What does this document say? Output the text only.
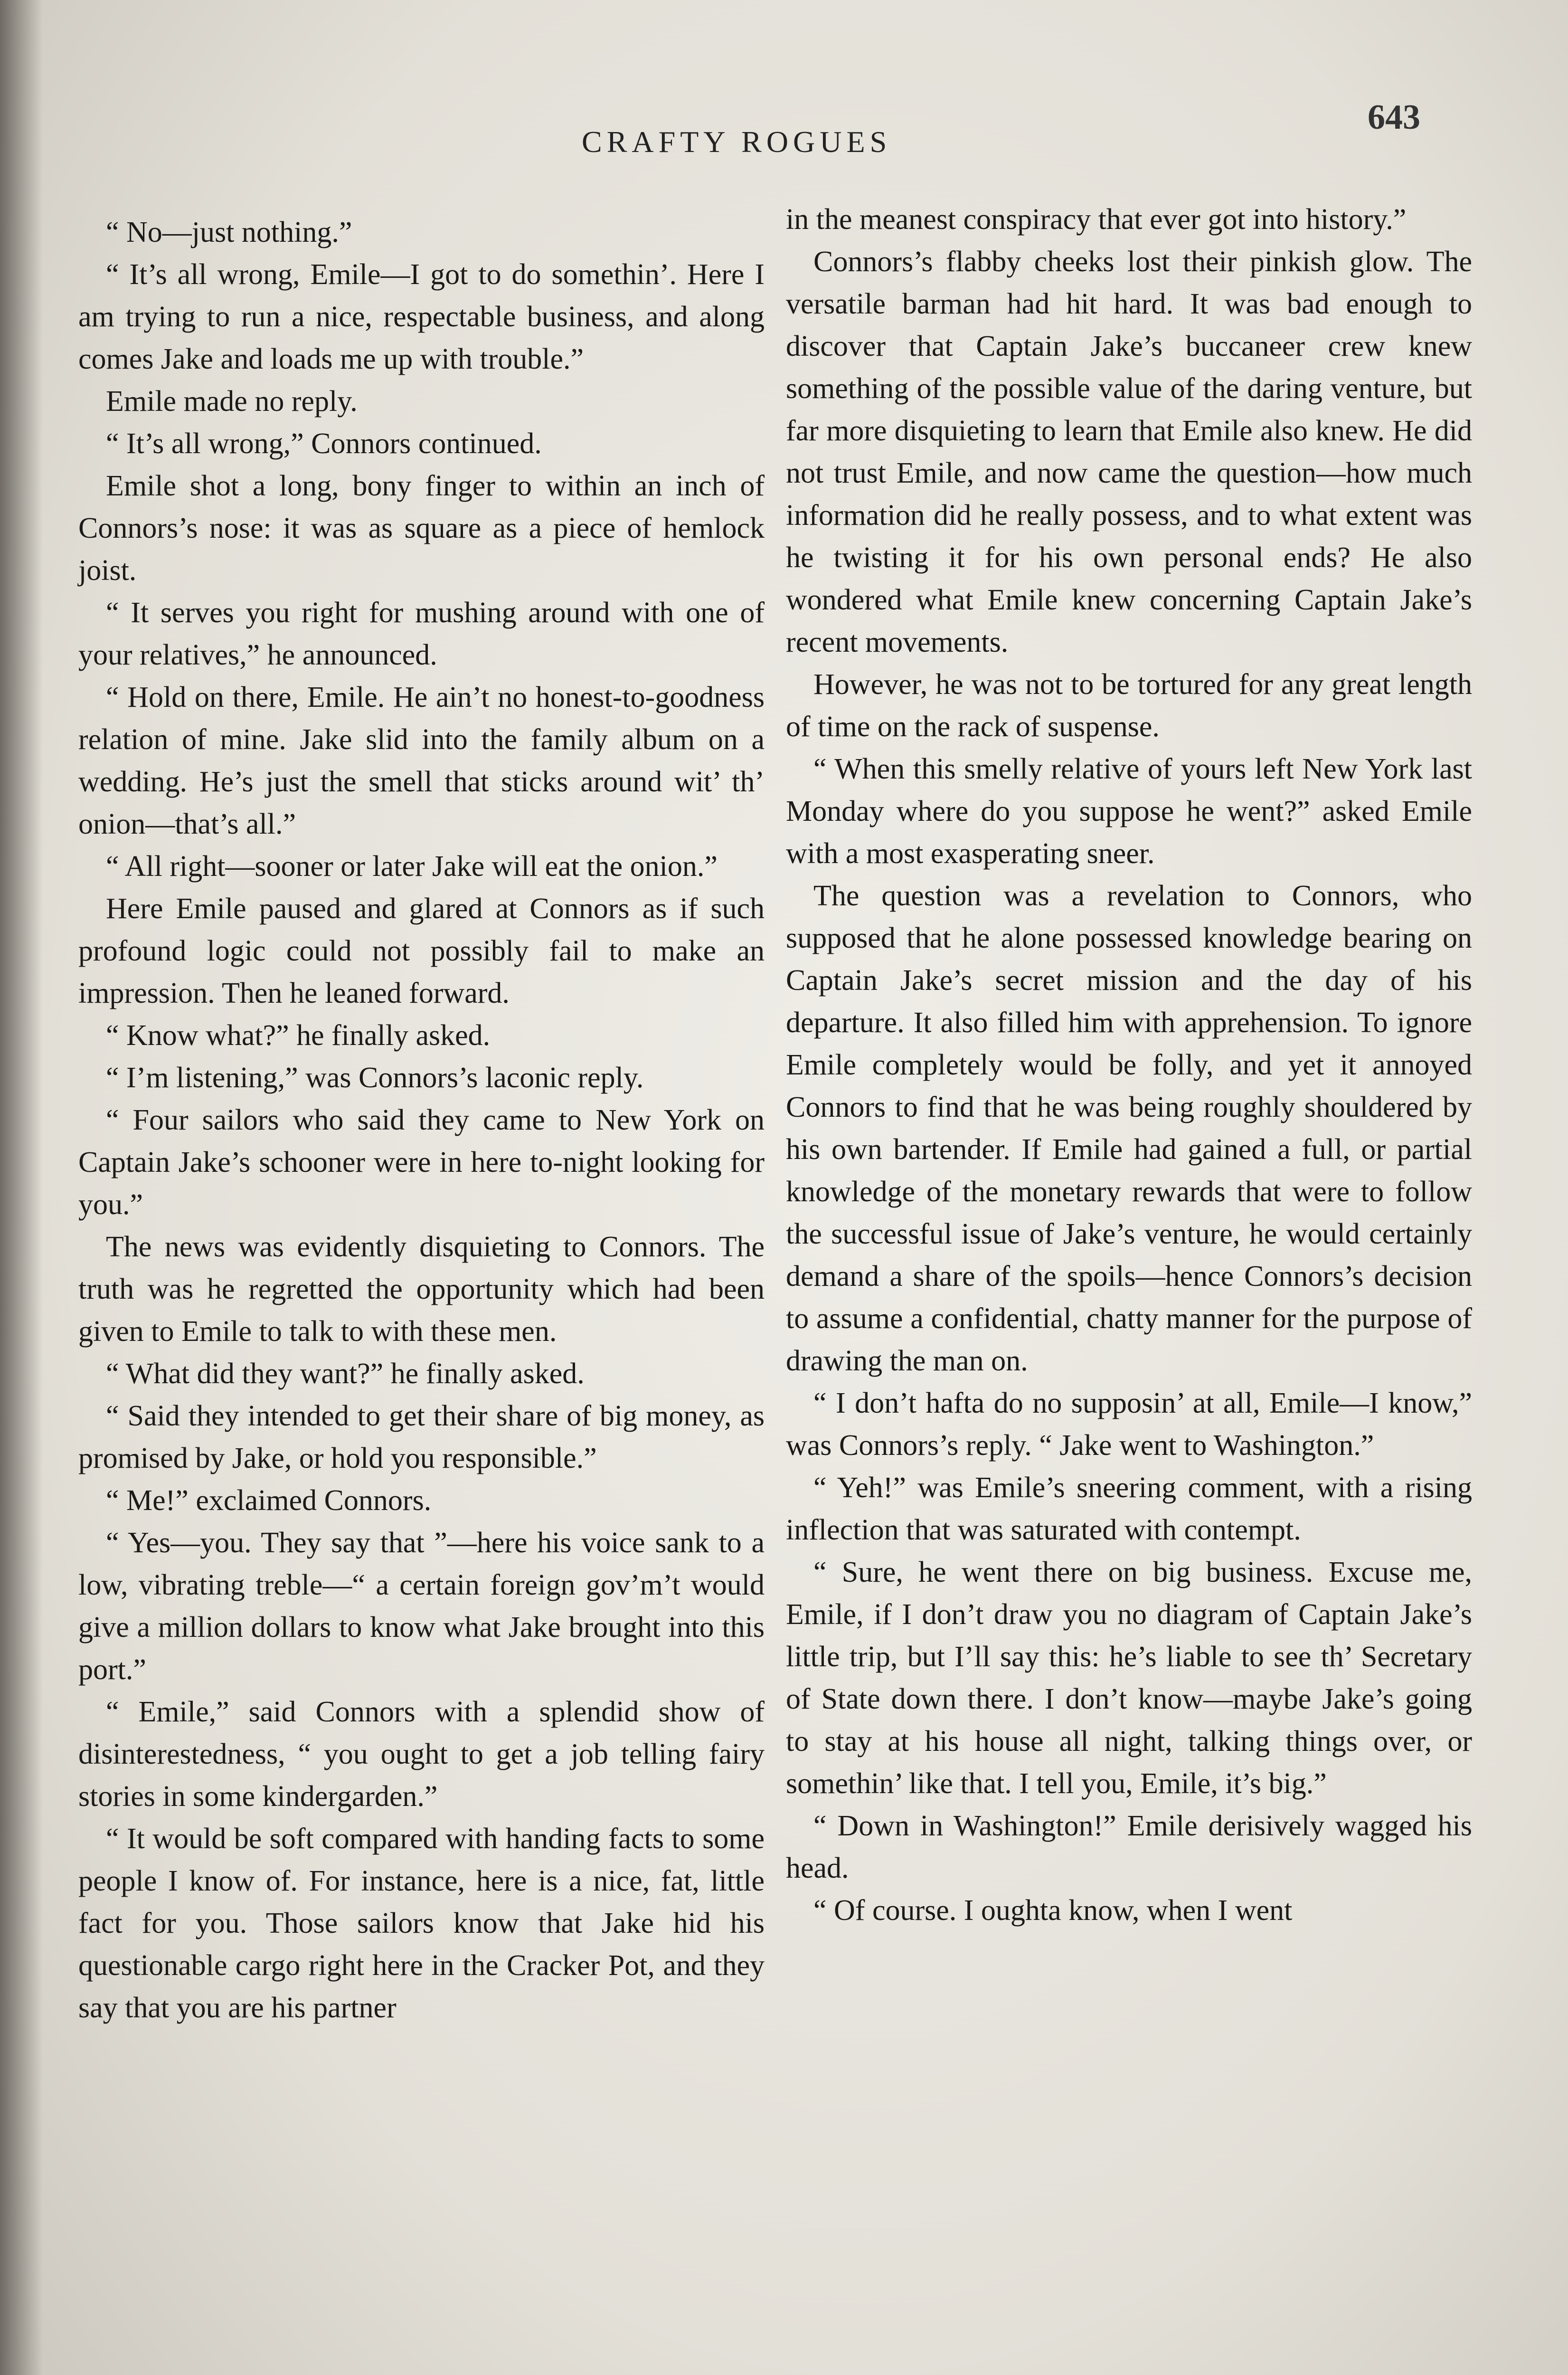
CRAFTY ROGUES
643

“ No—just nothing.”

“ It’s all wrong, Emile—I got to do somethin’. Here I am trying to run a nice, respectable business, and along comes Jake and loads me up with trouble.”

Emile made no reply.

“ It’s all wrong,” Connors continued.

Emile shot a long, bony finger to within an inch of Connors’s nose: it was as square as a piece of hemlock joist.

“ It serves you right for mushing around with one of your relatives,” he announced.

“ Hold on there, Emile. He ain’t no honest-to-goodness relation of mine. Jake slid into the family album on a wedding. He’s just the smell that sticks around wit’ th’ onion—that’s all.”

“ All right—sooner or later Jake will eat the onion.”

Here Emile paused and glared at Connors as if such profound logic could not possibly fail to make an impression. Then he leaned forward.

“ Know what?” he finally asked.

“ I’m listening,” was Connors’s laconic reply.

“ Four sailors who said they came to New York on Captain Jake’s schooner were in here to-night looking for you.”

The news was evidently disquieting to Connors. The truth was he regretted the opportunity which had been given to Emile to talk to with these men.

“ What did they want?” he finally asked.

“ Said they intended to get their share of big money, as promised by Jake, or hold you responsible.”

“ Me!” exclaimed Connors.

“ Yes—you. They say that ”—here his voice sank to a low, vibrating treble—“ a certain foreign gov’m’t would give a million dollars to know what Jake brought into this port.”

“ Emile,” said Connors with a splendid show of disinterestedness, “ you ought to get a job telling fairy stories in some kindergarden.”

“ It would be soft compared with handing facts to some people I know of. For instance, here is a nice, fat, little fact for you. Those sailors know that Jake hid his questionable cargo right here in the Cracker Pot, and they say that you are his partner

in the meanest conspiracy that ever got into history.”

Connors’s flabby cheeks lost their pinkish glow. The versatile barman had hit hard. It was bad enough to discover that Captain Jake’s buccaneer crew knew something of the possible value of the daring venture, but far more disquieting to learn that Emile also knew. He did not trust Emile, and now came the question—how much information did he really possess, and to what extent was he twisting it for his own personal ends? He also wondered what Emile knew concerning Captain Jake’s recent movements.

However, he was not to be tortured for any great length of time on the rack of suspense.

“ When this smelly relative of yours left New York last Monday where do you suppose he went?” asked Emile with a most exasperating sneer.

The question was a revelation to Connors, who supposed that he alone possessed knowledge bearing on Captain Jake’s secret mission and the day of his departure. It also filled him with apprehension. To ignore Emile completely would be folly, and yet it annoyed Connors to find that he was being roughly shouldered by his own bartender. If Emile had gained a full, or partial knowledge of the monetary rewards that were to follow the successful issue of Jake’s venture, he would certainly demand a share of the spoils—hence Connors’s decision to assume a confidential, chatty manner for the purpose of drawing the man on.

“ I don’t hafta do no supposin’ at all, Emile—I know,” was Connors’s reply. “ Jake went to Washington.”

“ Yeh!” was Emile’s sneering comment, with a rising inflection that was saturated with contempt.

“ Sure, he went there on big business. Excuse me, Emile, if I don’t draw you no diagram of Captain Jake’s little trip, but I’ll say this: he’s liable to see th’ Secretary of State down there. I don’t know—maybe Jake’s going to stay at his house all night, talking things over, or somethin’ like that. I tell you, Emile, it’s big.”

“ Down in Washington!” Emile derisively wagged his head.

“ Of course. I oughta know, when I went
